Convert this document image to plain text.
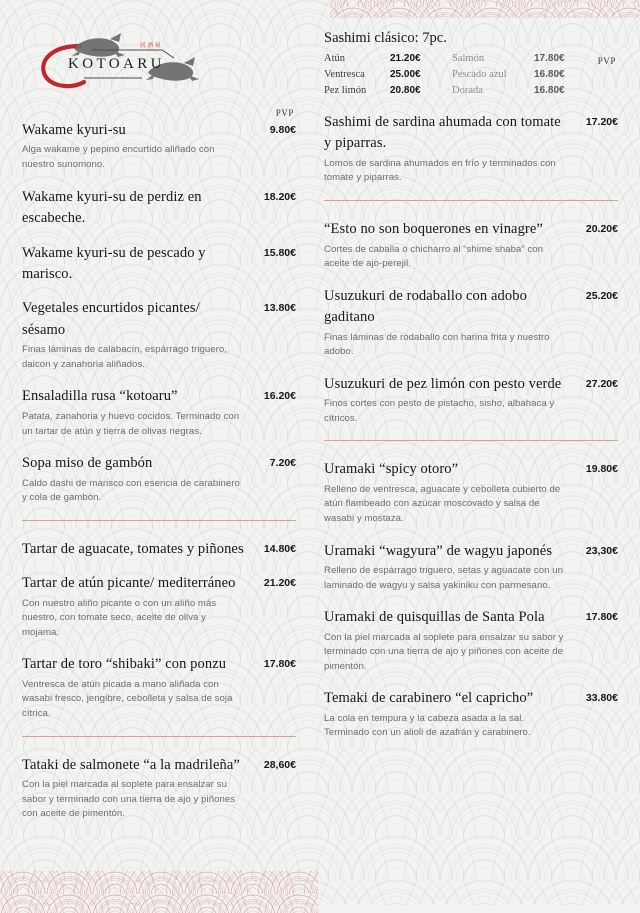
KOTOARU
居酒屋
PVP
Wakame kyuri-su
Alga wakame y pepino encurtido aliñado con nuestro sunomono.
9.80€
Wakame kyuri-su de perdiz en escabeche.
18.20€
Wakame kyuri-su de pescado y marisco.
15.80€
Vegetales encurtidos picantes/ sésamo
Finas láminas de calabacín, espárrago triguero, daicon y zanahoria aliñados.
13.80€
Ensaladilla rusa “kotoaru”
Patata, zanahoria y huevo cocidos. Terminado con un tartar de atún y tierra de olivas negras.
16.20€
Sopa miso de gambón
Caldo dashi de marisco con esencia de carabinero y cola de gambón.
7.20€
Tartar de aguacate, tomates y piñones	14.80€
Tartar de atún picante/ mediterráneo
Con nuestro aliño picante o con un aliño más nuestro, con tomate seco, aceite de oliva y mojama.
21.20€
Tartar de toro “shibaki” con ponzu
Ventresca de atún picada a mano aliñada con wasabi fresco, jengibre, cebolleta y salsa de soja cítrica.
17.80€
Tataki de salmonete “a la madrileña”
Con la piel marcada al soplete para ensalzar su sabor y terminado con una tierra de ajo y piñones con aceite de pimentón.
28,60€
Sashimi clásico: 7pc.
PVP
Atún	21.20€	Salmón	17.80€
Ventresca	25.00€	Pescado azul	16.80€
Pez limón	20.80€	Dorada	16.80€
Sashimi de sardina ahumada con tomate y piparras.
Lomos de sardina ahumados en frío y terminados con tomate y piparras.
17.20€
“Esto no son boquerones en vinagre”
Cortes de caballa o chicharro al “shime shaba” con aceite de ajo-perejil.
20.20€
Usuzukuri de rodaballo con adobo gaditano
Finas láminas de rodaballo con harina frita y nuestro adobo.
25.20€
Usuzukuri de pez limón con pesto verde
Finos cortes con pesto de pistacho, sisho, albahaca y cítricos.
27.20€
Uramaki “spicy otoro”
Relleno de ventresca, aguacate y cebolleta cubierto de atún flambeado con azúcar moscovado y salsa de wasabi y mostaza.
19.80€
Uramaki “wagyura” de wagyu japonés
Relleno de espárrago triguero, setas y aguacate con un laminado de wagyu y salsa yakiniku con parmesano.
23,30€
Uramaki de quisquillas de Santa Pola
Con la piel marcada al soplete para ensalzar su sabor y terminado con una tierra de ajo y piñones con aceite de pimentón.
17.80€
Temaki de carabinero “el capricho”
La cola en tempura y la cabeza asada a la sal. Terminado con un alioli de azafrán y carabinero.
33.80€
